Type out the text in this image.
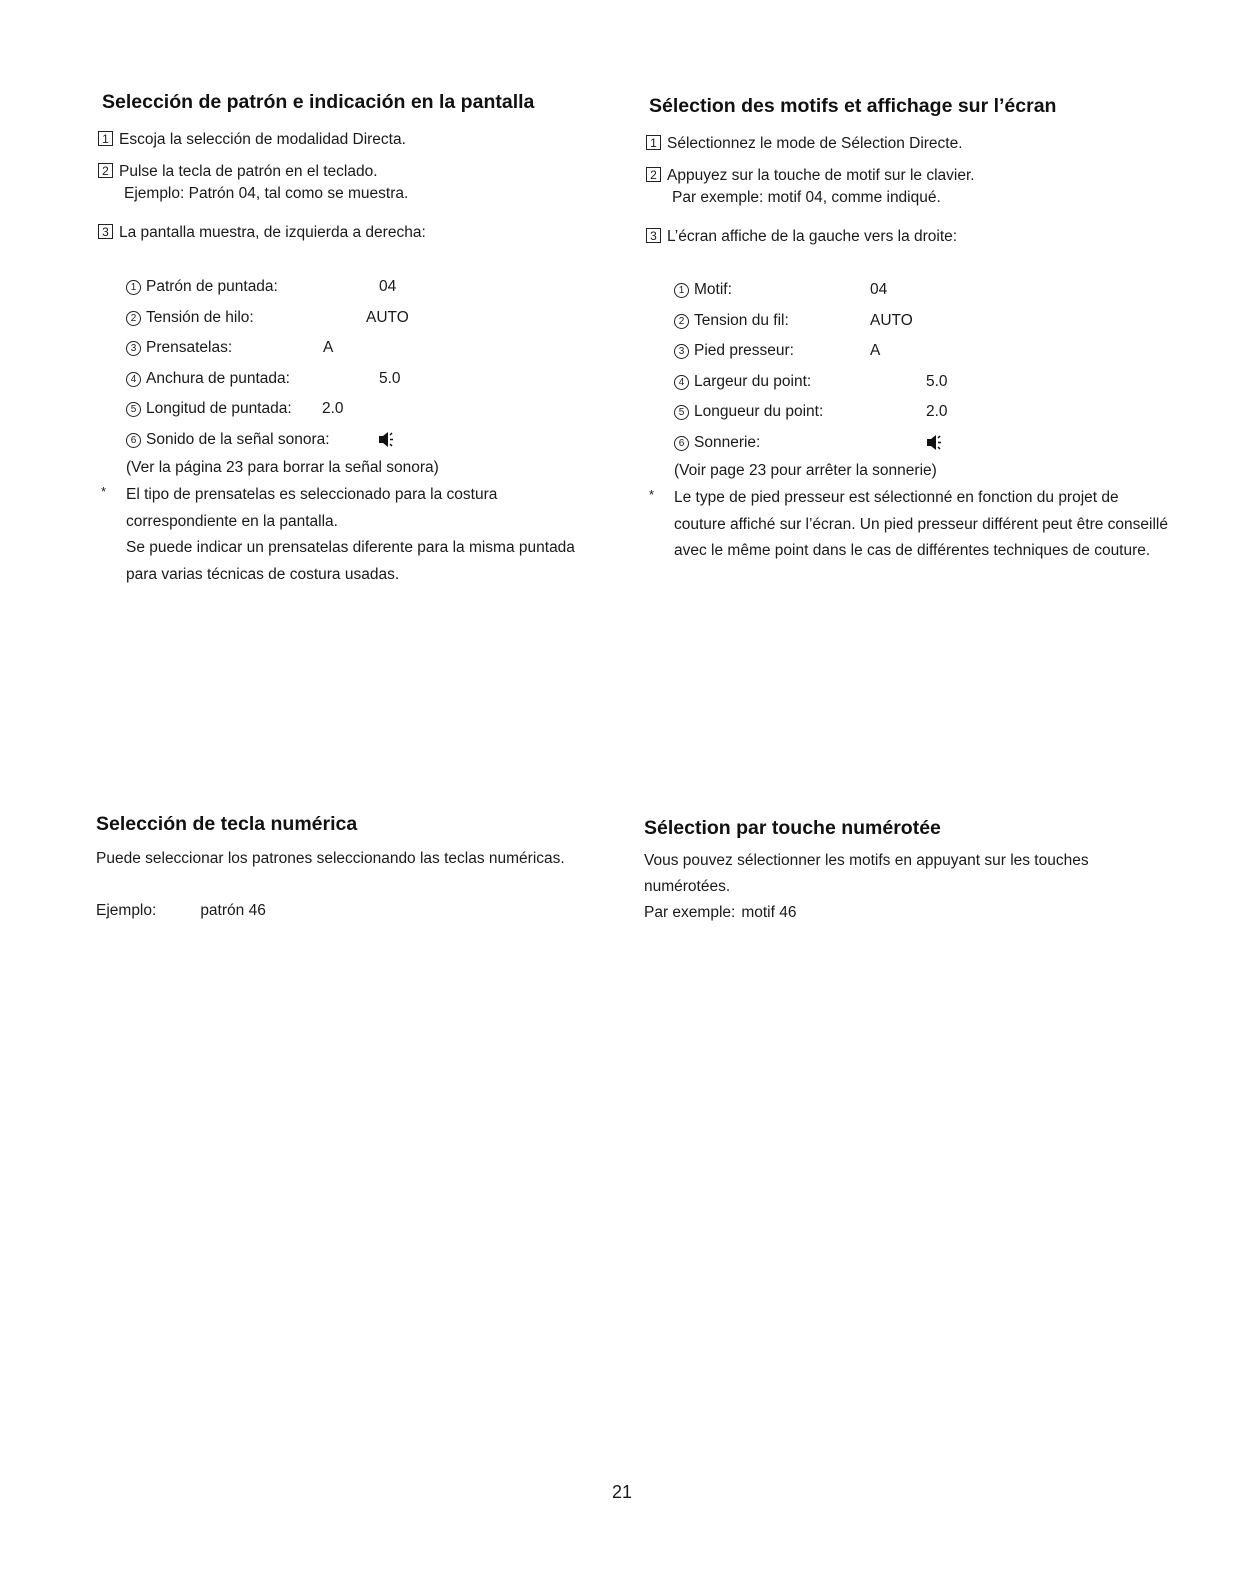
Selección de patrón e indicación en la pantalla
1 Escoja la selección de modalidad Directa.
2 Pulse la tecla de patrón en el teclado.
Ejemplo: Patrón 04, tal como se muestra.
3 La pantalla muestra, de izquierda a derecha:
1 Patrón de puntada:	04
2 Tensión de hilo:	AUTO
3 Prensatelas:	A
4 Anchura de puntada:	5.0
5 Longitud de puntada: 2.0
6 Sonido de la señal sonora:
(Ver la página 23 para borrar la señal sonora)
* El tipo de prensatelas es seleccionado para la costura correspondiente en la pantalla.
Se puede indicar un prensatelas diferente para la misma puntada para varias técnicas de costura usadas.
Selección de tecla numérica
Puede seleccionar los patrones seleccionando las teclas numéricas.
Ejemplo:	patrón 46
Sélection des motifs et affichage sur l’écran
1 Sélectionnez le mode de Sélection Directe.
2 Appuyez sur la touche de motif sur le clavier.
Par exemple: motif 04, comme indiqué.
3 L’écran affiche de la gauche vers la droite:
1 Motif:	04
2 Tension du fil:	AUTO
3 Pied presseur:	A
4 Largeur du point:	5.0
5 Longueur du point:	2.0
6 Sonnerie:
(Voir page 23 pour arrêter la sonnerie)
* Le type de pied presseur est sélectionné en fonction du projet de couture affiché sur l’écran. Un pied presseur différent peut être conseillé avec le même point dans le cas de différentes techniques de couture.
Sélection par touche numérotée
Vous pouvez sélectionner les motifs en appuyant sur les touches numérotées.
Par exemple: motif 46
21
